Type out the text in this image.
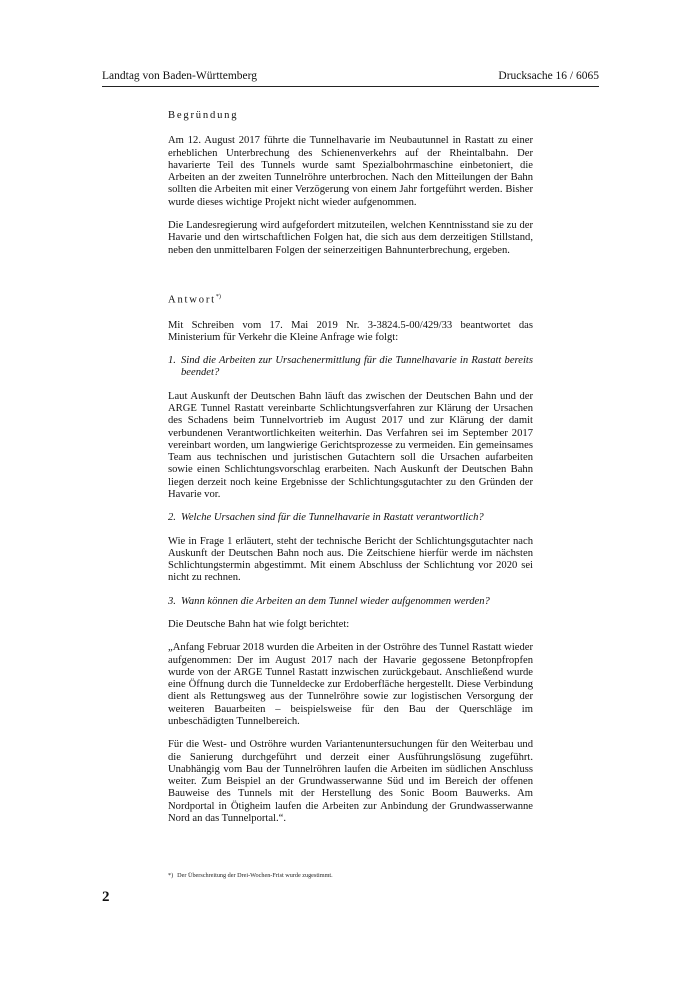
Landtag von Baden-Württemberg	Drucksache 16 / 6065
Begründung

Am 12. August 2017 führte die Tunnelhavarie im Neubautunnel in Rastatt zu einer erheblichen Unterbrechung des Schienenverkehrs auf der Rheintalbahn. Der havarierte Teil des Tunnels wurde samt Spezialbohrmaschine einbetoniert, die Arbeiten an der zweiten Tunnelröhre unterbrochen. Nach den Mitteilungen der Bahn sollten die Arbeiten mit einer Verzögerung von einem Jahr fortgeführt werden. Bisher wurde dieses wichtige Projekt nicht wieder aufgenommen.

Die Landesregierung wird aufgefordert mitzuteilen, welchen Kenntnisstand sie zu der Havarie und den wirtschaftlichen Folgen hat, die sich aus dem derzeitigen Stillstand, neben den unmittelbaren Folgen der seinerzeitigen Bahnunterbrechung, ergeben.

Antwort*)

Mit Schreiben vom 17. Mai 2019 Nr. 3-3824.5-00/429/33 beantwortet das Ministerium für Verkehr die Kleine Anfrage wie folgt:

1. Sind die Arbeiten zur Ursachenermittlung für die Tunnelhavarie in Rastatt bereits beendet?

Laut Auskunft der Deutschen Bahn läuft das zwischen der Deutschen Bahn und der ARGE Tunnel Rastatt vereinbarte Schlichtungsverfahren zur Klärung der Ursachen des Schadens beim Tunnelvortrieb im August 2017 und zur Klärung der damit verbundenen Verantwortlichkeiten weiterhin. Das Verfahren sei im September 2017 vereinbart worden, um langwierige Gerichtsprozesse zu vermeiden. Ein gemeinsames Team aus technischen und juristischen Gutachtern soll die Ursachen aufarbeiten sowie einen Schlichtungsvorschlag erarbeiten. Nach Auskunft der Deutschen Bahn liegen derzeit noch keine Ergebnisse der Schlichtungsgutachter zu den Gründen der Havarie vor.

2. Welche Ursachen sind für die Tunnelhavarie in Rastatt verantwortlich?

Wie in Frage 1 erläutert, steht der technische Bericht der Schlichtungsgutachter nach Auskunft der Deutschen Bahn noch aus. Die Zeitschiene hierfür werde im nächsten Schlichtungstermin abgestimmt. Mit einem Abschluss der Schlichtung vor 2020 sei nicht zu rechnen.

3. Wann können die Arbeiten an dem Tunnel wieder aufgenommen werden?

Die Deutsche Bahn hat wie folgt berichtet:

„Anfang Februar 2018 wurden die Arbeiten in der Oströhre des Tunnel Rastatt wieder aufgenommen: Der im August 2017 nach der Havarie gegossene Betonpfropfen wurde von der ARGE Tunnel Rastatt inzwischen zurückgebaut. Anschließend wurde eine Öffnung durch die Tunneldecke zur Erdoberfläche hergestellt. Diese Verbindung dient als Rettungsweg aus der Tunnelröhre sowie zur logistischen Versorgung der weiteren Bauarbeiten – beispielsweise für den Bau der Querschläge im unbeschädigten Tunnelbereich.

Für die West- und Oströhre wurden Variantenuntersuchungen für den Weiterbau und die Sanierung durchgeführt und derzeit einer Ausführungslösung zugeführt. Unabhängig vom Bau der Tunnelröhren laufen die Arbeiten im südlichen Anschluss weiter. Zum Beispiel an der Grundwasserwanne Süd und im Bereich der offenen Bauweise des Tunnels mit der Herstellung des Sonic Boom Bauwerks. Am Nordportal in Ötigheim laufen die Arbeiten zur Anbindung der Grundwasserwanne Nord an das Tunnelportal.“.

*) Der Überschreitung der Drei-Wochen-Frist wurde zugestimmt.
2
